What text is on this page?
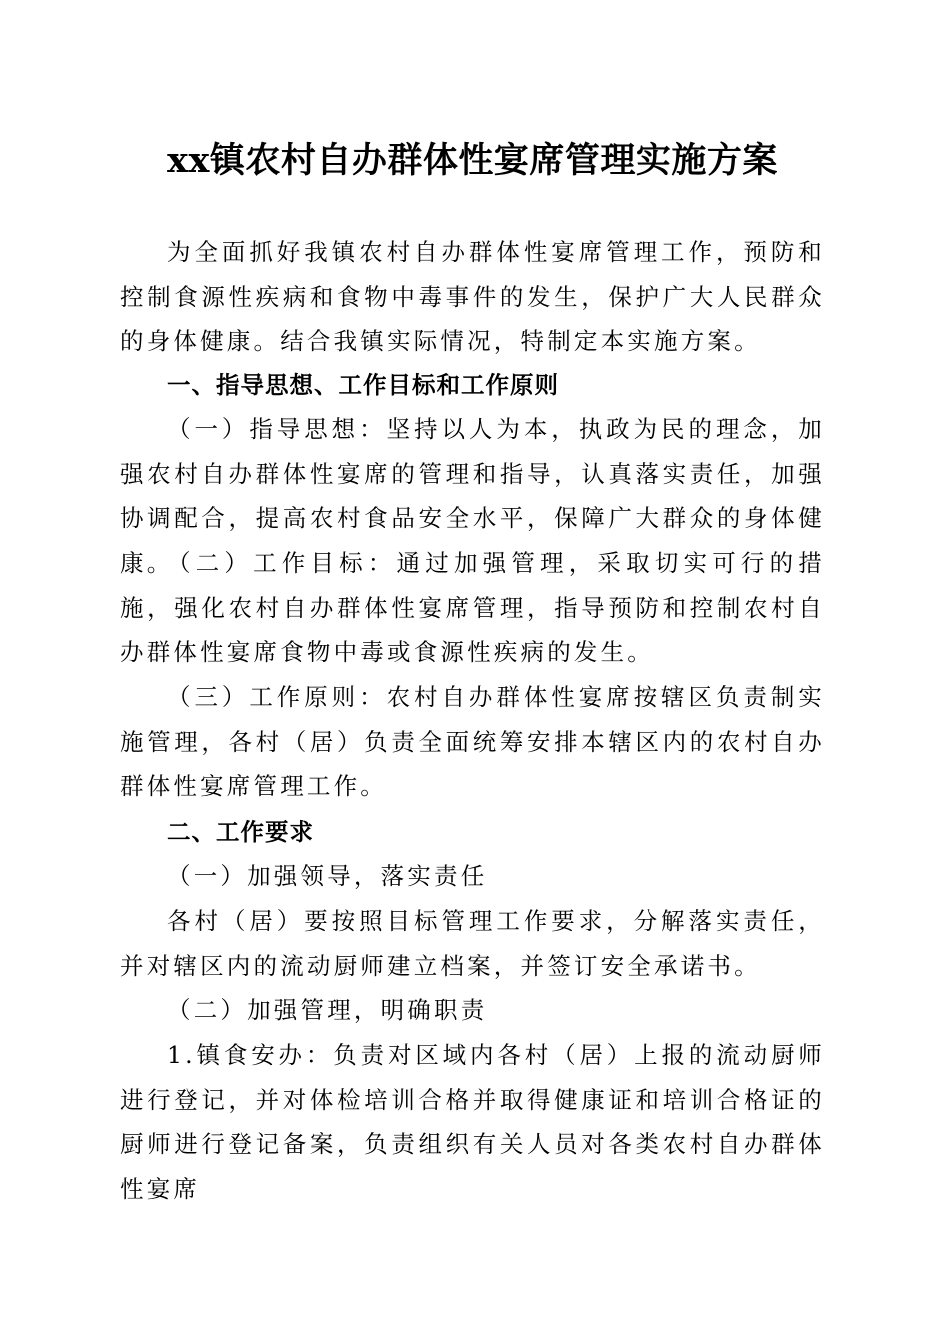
xx镇农村自办群体性宴席管理实施方案

为全面抓好我镇农村自办群体性宴席管理工作，预防和控制食源性疾病和食物中毒事件的发生，保护广大人民群众的身体健康。结合我镇实际情况，特制定本实施方案。

一、指导思想、工作目标和工作原则

（一）指导思想：坚持以人为本，执政为民的理念，加强农村自办群体性宴席的管理和指导，认真落实责任，加强协调配合，提高农村食品安全水平，保障广大群众的身体健康。

（二）工作目标：通过加强管理，采取切实可行的措施，强化农村自办群体性宴席管理，指导预防和控制农村自办群体性宴席食物中毒或食源性疾病的发生。

（三）工作原则：农村自办群体性宴席按辖区负责制实施管理，各村（居）负责全面统筹安排本辖区内的农村自办群体性宴席管理工作。

二、工作要求

（一）加强领导，落实责任

各村（居）要按照目标管理工作要求，分解落实责任，并对辖区内的流动厨师建立档案，并签订安全承诺书。

（二）加强管理，明确职责

1.镇食安办：负责对区域内各村（居）上报的流动厨师进行登记，并对体检培训合格并取得健康证和培训合格证的厨师进行登记备案，负责组织有关人员对各类农村自办群体性宴席
